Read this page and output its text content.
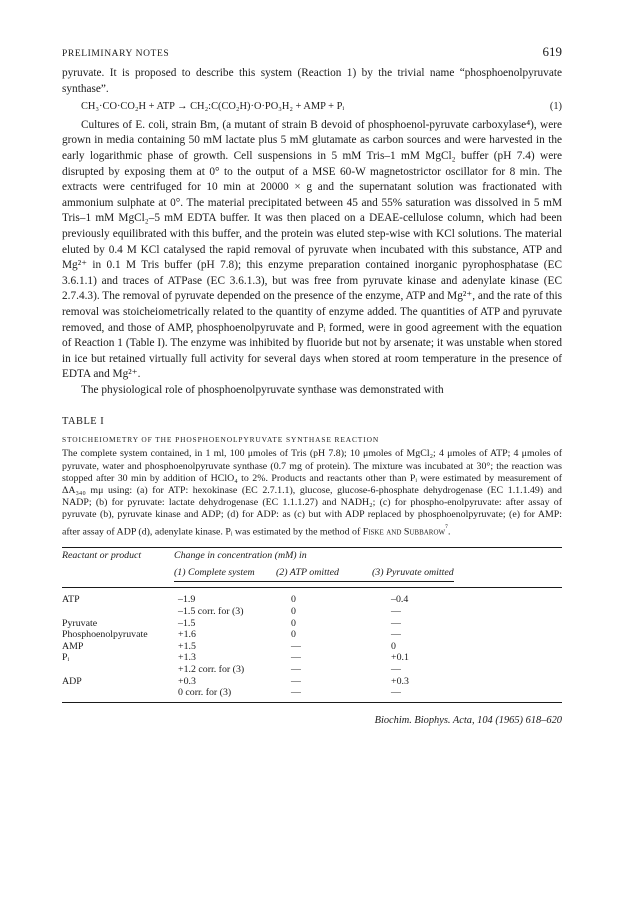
PRELIMINARY NOTES	619

pyruvate. It is proposed to describe this system (Reaction 1) by the trivial name “phosphoenolpyruvate synthase”.

CH₃·CO·CO₂H + ATP → CH₂:C(CO₂H)·O·PO₃H₂ + AMP + Pᵢ	(1)

Cultures of E. coli, strain Bm, (a mutant of strain B devoid of phosphoenol-pyruvate carboxylase⁴), were grown in media containing 50 mM lactate plus 5 mM glutamate as carbon sources and were harvested in the early logarithmic phase of growth. Cell suspensions in 5 mM Tris–1 mM MgCl₂ buffer (pH 7.4) were disrupted by exposing them at 0° to the output of a MSE 60-W magnetostrictor oscillator for 8 min. The extracts were centrifuged for 10 min at 20000 × g and the supernatant solution was fractionated with ammonium sulphate at 0°. The material precipitated between 45 and 55% saturation was dissolved in 5 mM Tris–1 mM MgCl₂–5 mM EDTA buffer. It was then placed on a DEAE-cellulose column, which had been previously equilibrated with this buffer, and the protein was eluted step-wise with KCl solutions. The material eluted by 0.4 M KCl catalysed the rapid removal of pyruvate when incubated with this substance, ATP and Mg²⁺ in 0.1 M Tris buffer (pH 7.8); this enzyme preparation contained inorganic pyrophosphatase (EC 3.6.1.1) and traces of ATPase (EC 3.6.1.3), but was free from pyruvate kinase and adenylate kinase (EC 2.7.4.3). The removal of pyruvate depended on the presence of the enzyme, ATP and Mg²⁺, and the rate of this removal was stoicheiometrically related to the quantity of enzyme added. The quantities of ATP and pyruvate removed, and those of AMP, phosphoenolpyruvate and Pᵢ formed, were in good agreement with the equation of Reaction 1 (Table I). The enzyme was inhibited by fluoride but not by arsenate; it was unstable when stored in ice but retained virtually full activity for several days when stored at room temperature in the presence of EDTA and Mg²⁺.

The physiological role of phosphoenolpyruvate synthase was demonstrated with

TABLE I
STOICHEIOMETRY OF THE PHOSPHOENOLPYRUVATE SYNTHASE REACTION
The complete system contained, in 1 ml, 100 μmoles of Tris (pH 7.8); 10 μmoles of MgCl₂; 4 μmoles of ATP; 4 μmoles of pyruvate, water and phosphoenolpyruvate synthase (0.7 mg of protein). The mixture was incubated at 30°; the reaction was stopped after 30 min by addition of HClO₄ to 2%. Products and reactants other than Pᵢ were estimated by measurement of ΔA₃₄₀ mμ using: (a) for ATP: hexokinase (EC 2.7.1.1), glucose, glucose-6-phosphate dehydrogenase (EC 1.1.1.49) and NADP; (b) for pyruvate: lactate dehydrogenase (EC 1.1.1.27) and NADH₂; (c) for phospho-enolpyruvate: after assay of pyruvate (b), pyruvate kinase and ADP; (d) for ADP: as (c) but with ADP replaced by phosphoenolpyruvate; (e) for AMP: after assay of ADP (d), adenylate kinase. Pᵢ was estimated by the method of Fiske and Subbarow$^{^7}$.
Reactant or product	Change in concentration (mM) in
	(1) Complete system (2) ATP omitted (3) Pyruvate omitted
ATP	–1.9	0	–0.4
	–1.5 corr. for (3)	0	—
Pyruvate	–1.5	0	—
Phosphoenolpyruvate	+1.6	0	—
AMP	+1.5	—	0
Pᵢ	+1.3	—	+0.1
	+1.2 corr. for (3)	—	—
ADP	+0.3	—	+0.3
	0 corr. for (3)	—	—
Biochim. Biophys. Acta, 104 (1965) 618–620
